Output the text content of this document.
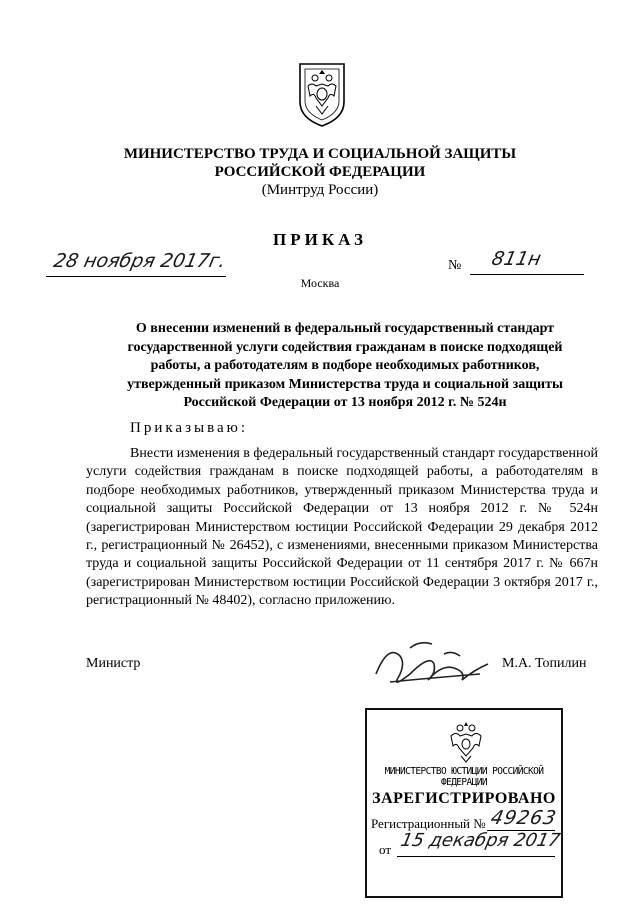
МИНИСТЕРСТВО ТРУДА И СОЦИАЛЬНОЙ ЗАЩИТЫ
РОССИЙСКОЙ ФЕДЕРАЦИИ
(Минтруд России)
ПРИКАЗ
28 ноября 2017г.	№ 811н
Москва
О внесении изменений в федеральный государственный стандарт
государственной услуги содействия гражданам в поиске подходящей
работы, а работодателям в подборе необходимых работников,
утвержденный приказом Министерства труда и социальной защиты
Российской Федерации от 13 ноября 2012 г. № 524н
Приказываю:
Внести изменения в федеральный государственный стандарт государственной услуги содействия гражданам в поиске подходящей работы, а работодателям в подборе необходимых работников, утвержденный приказом Министерства труда и социальной защиты Российской Федерации от 13 ноября 2012 г. № 524н (зарегистрирован Министерством юстиции Российской Федерации 29 декабря 2012 г., регистрационный № 26452), с изменениями, внесенными приказом Министерства труда и социальной защиты Российской Федерации от 11 сентября 2017 г. № 667н (зарегистрирован Министерством юстиции Российской Федерации 3 октября 2017 г., регистрационный № 48402), согласно приложению.
Министр	М.А. Топилин
МИНИСТЕРСТВО ЮСТИЦИИ РОССИЙСКОЙ ФЕДЕРАЦИИ
ЗАРЕГИСТРИРОВАНО
Регистрационный № 49263
от 15 декабря 2017
